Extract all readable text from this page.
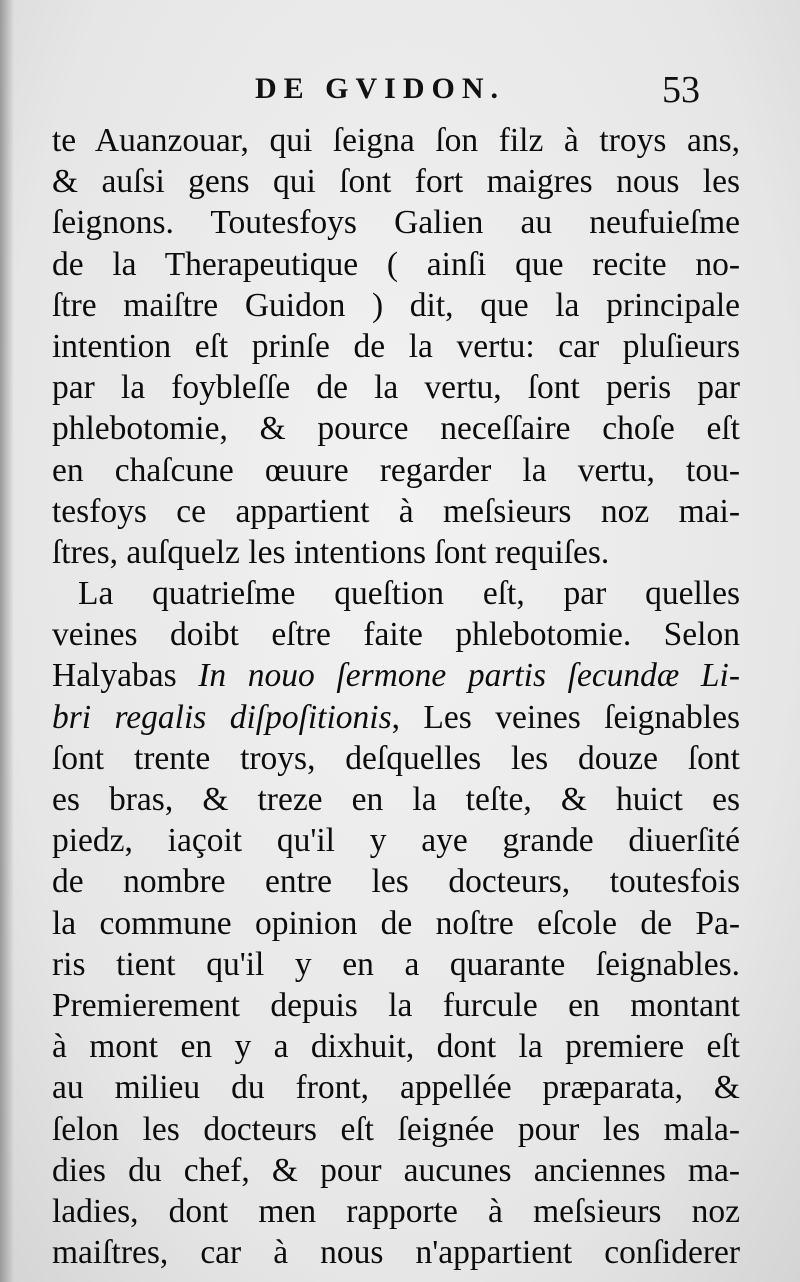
DE GVIDON.	53
te Auanzouar, qui ſeigna ſon filz à troys ans,
& auſsi gens qui ſont fort maigres nous les
ſeignons. Toutesfoys Galien au neufuieſme
de la Therapeutique ( ainſi que recite no-
ſtre maiſtre Guidon ) dit, que la principale
intention eſt prinſe de la vertu: car pluſieurs
par la foybleſſe de la vertu, ſont peris par
phlebotomie, & pource neceſſaire choſe eſt
en chaſcune œuure regarder la vertu, tou-
tesfoys ce appartient à meſsieurs noz mai-
ſtres, auſquelz les intentions ſont requiſes.
La quatrieſme queſtion eſt, par quelles
veines doibt eſtre faite phlebotomie. Selon
Halyabas In nouo ſermone partis ſecundæ Li-
bri regalis diſpoſitionis, Les veines ſeignables
ſont trente troys, deſquelles les douze ſont
es bras, & treze en la teſte, & huict es
piedz, iaçoit qu'il y aye grande diuerſité
de nombre entre les docteurs, toutesfois
la commune opinion de noſtre eſcole de Pa-
ris tient qu'il y en a quarante ſeignables.
Premierement depuis la furcule en montant
à mont en y a dixhuit, dont la premiere eſt
au milieu du front, appellée præparata, &
ſelon les docteurs eſt ſeignée pour les mala-
dies du chef, & pour aucunes anciennes ma-
ladies, dont men rapporte à meſsieurs noz
maiſtres, car à nous n'appartient conſiderer
